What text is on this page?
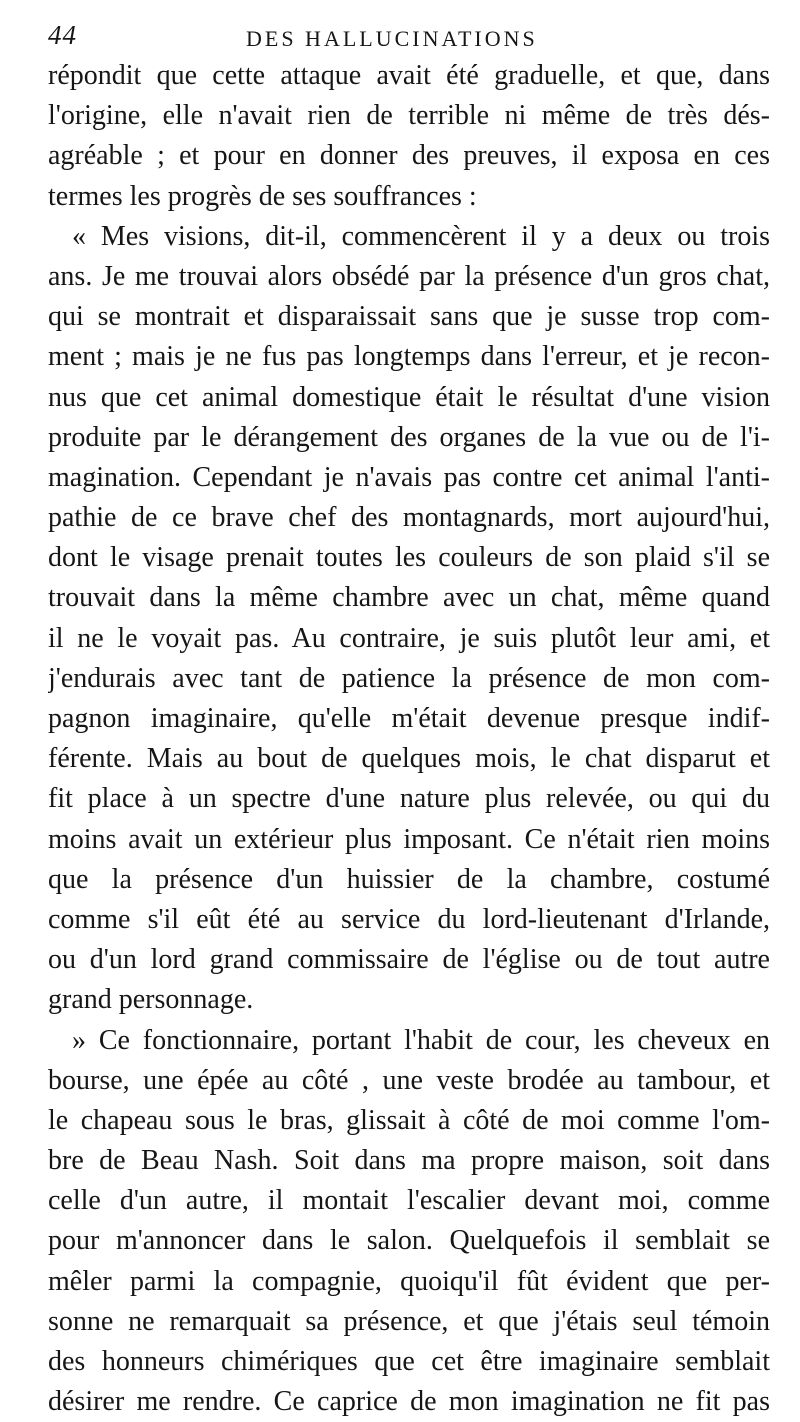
44	DES HALLUCINATIONS
répondit que cette attaque avait été graduelle, et que, dans
l'origine, elle n'avait rien de terrible ni même de très dés-
agréable ; et pour en donner des preuves, il exposa en ces
termes les progrès de ses souffrances :
« Mes visions, dit-il, commencèrent il y a deux ou trois
ans. Je me trouvai alors obsédé par la présence d'un gros chat,
qui se montrait et disparaissait sans que je susse trop com-
ment ; mais je ne fus pas longtemps dans l'erreur, et je recon-
nus que cet animal domestique était le résultat d'une vision
produite par le dérangement des organes de la vue ou de l'i-
magination. Cependant je n'avais pas contre cet animal l'anti-
pathie de ce brave chef des montagnards, mort aujourd'hui,
dont le visage prenait toutes les couleurs de son plaid s'il se
trouvait dans la même chambre avec un chat, même quand
il ne le voyait pas. Au contraire, je suis plutôt leur ami, et
j'endurais avec tant de patience la présence de mon com-
pagnon imaginaire, qu'elle m'était devenue presque indif-
férente. Mais au bout de quelques mois, le chat disparut et
fit place à un spectre d'une nature plus relevée, ou qui du
moins avait un extérieur plus imposant. Ce n'était rien moins
que la présence d'un huissier de la chambre, costumé
comme s'il eût été au service du lord-lieutenant d'Irlande,
ou d'un lord grand commissaire de l'église ou de tout autre
grand personnage.
» Ce fonctionnaire, portant l'habit de cour, les cheveux en
bourse, une épée au côté , une veste brodée au tambour, et
le chapeau sous le bras, glissait à côté de moi comme l'om-
bre de Beau Nash. Soit dans ma propre maison, soit dans
celle d'un autre, il montait l'escalier devant moi, comme
pour m'annoncer dans le salon. Quelquefois il semblait se
mêler parmi la compagnie, quoiqu'il fût évident que per-
sonne ne remarquait sa présence, et que j'étais seul témoin
des honneurs chimériques que cet être imaginaire semblait
désirer me rendre. Ce caprice de mon imagination ne fit pas
